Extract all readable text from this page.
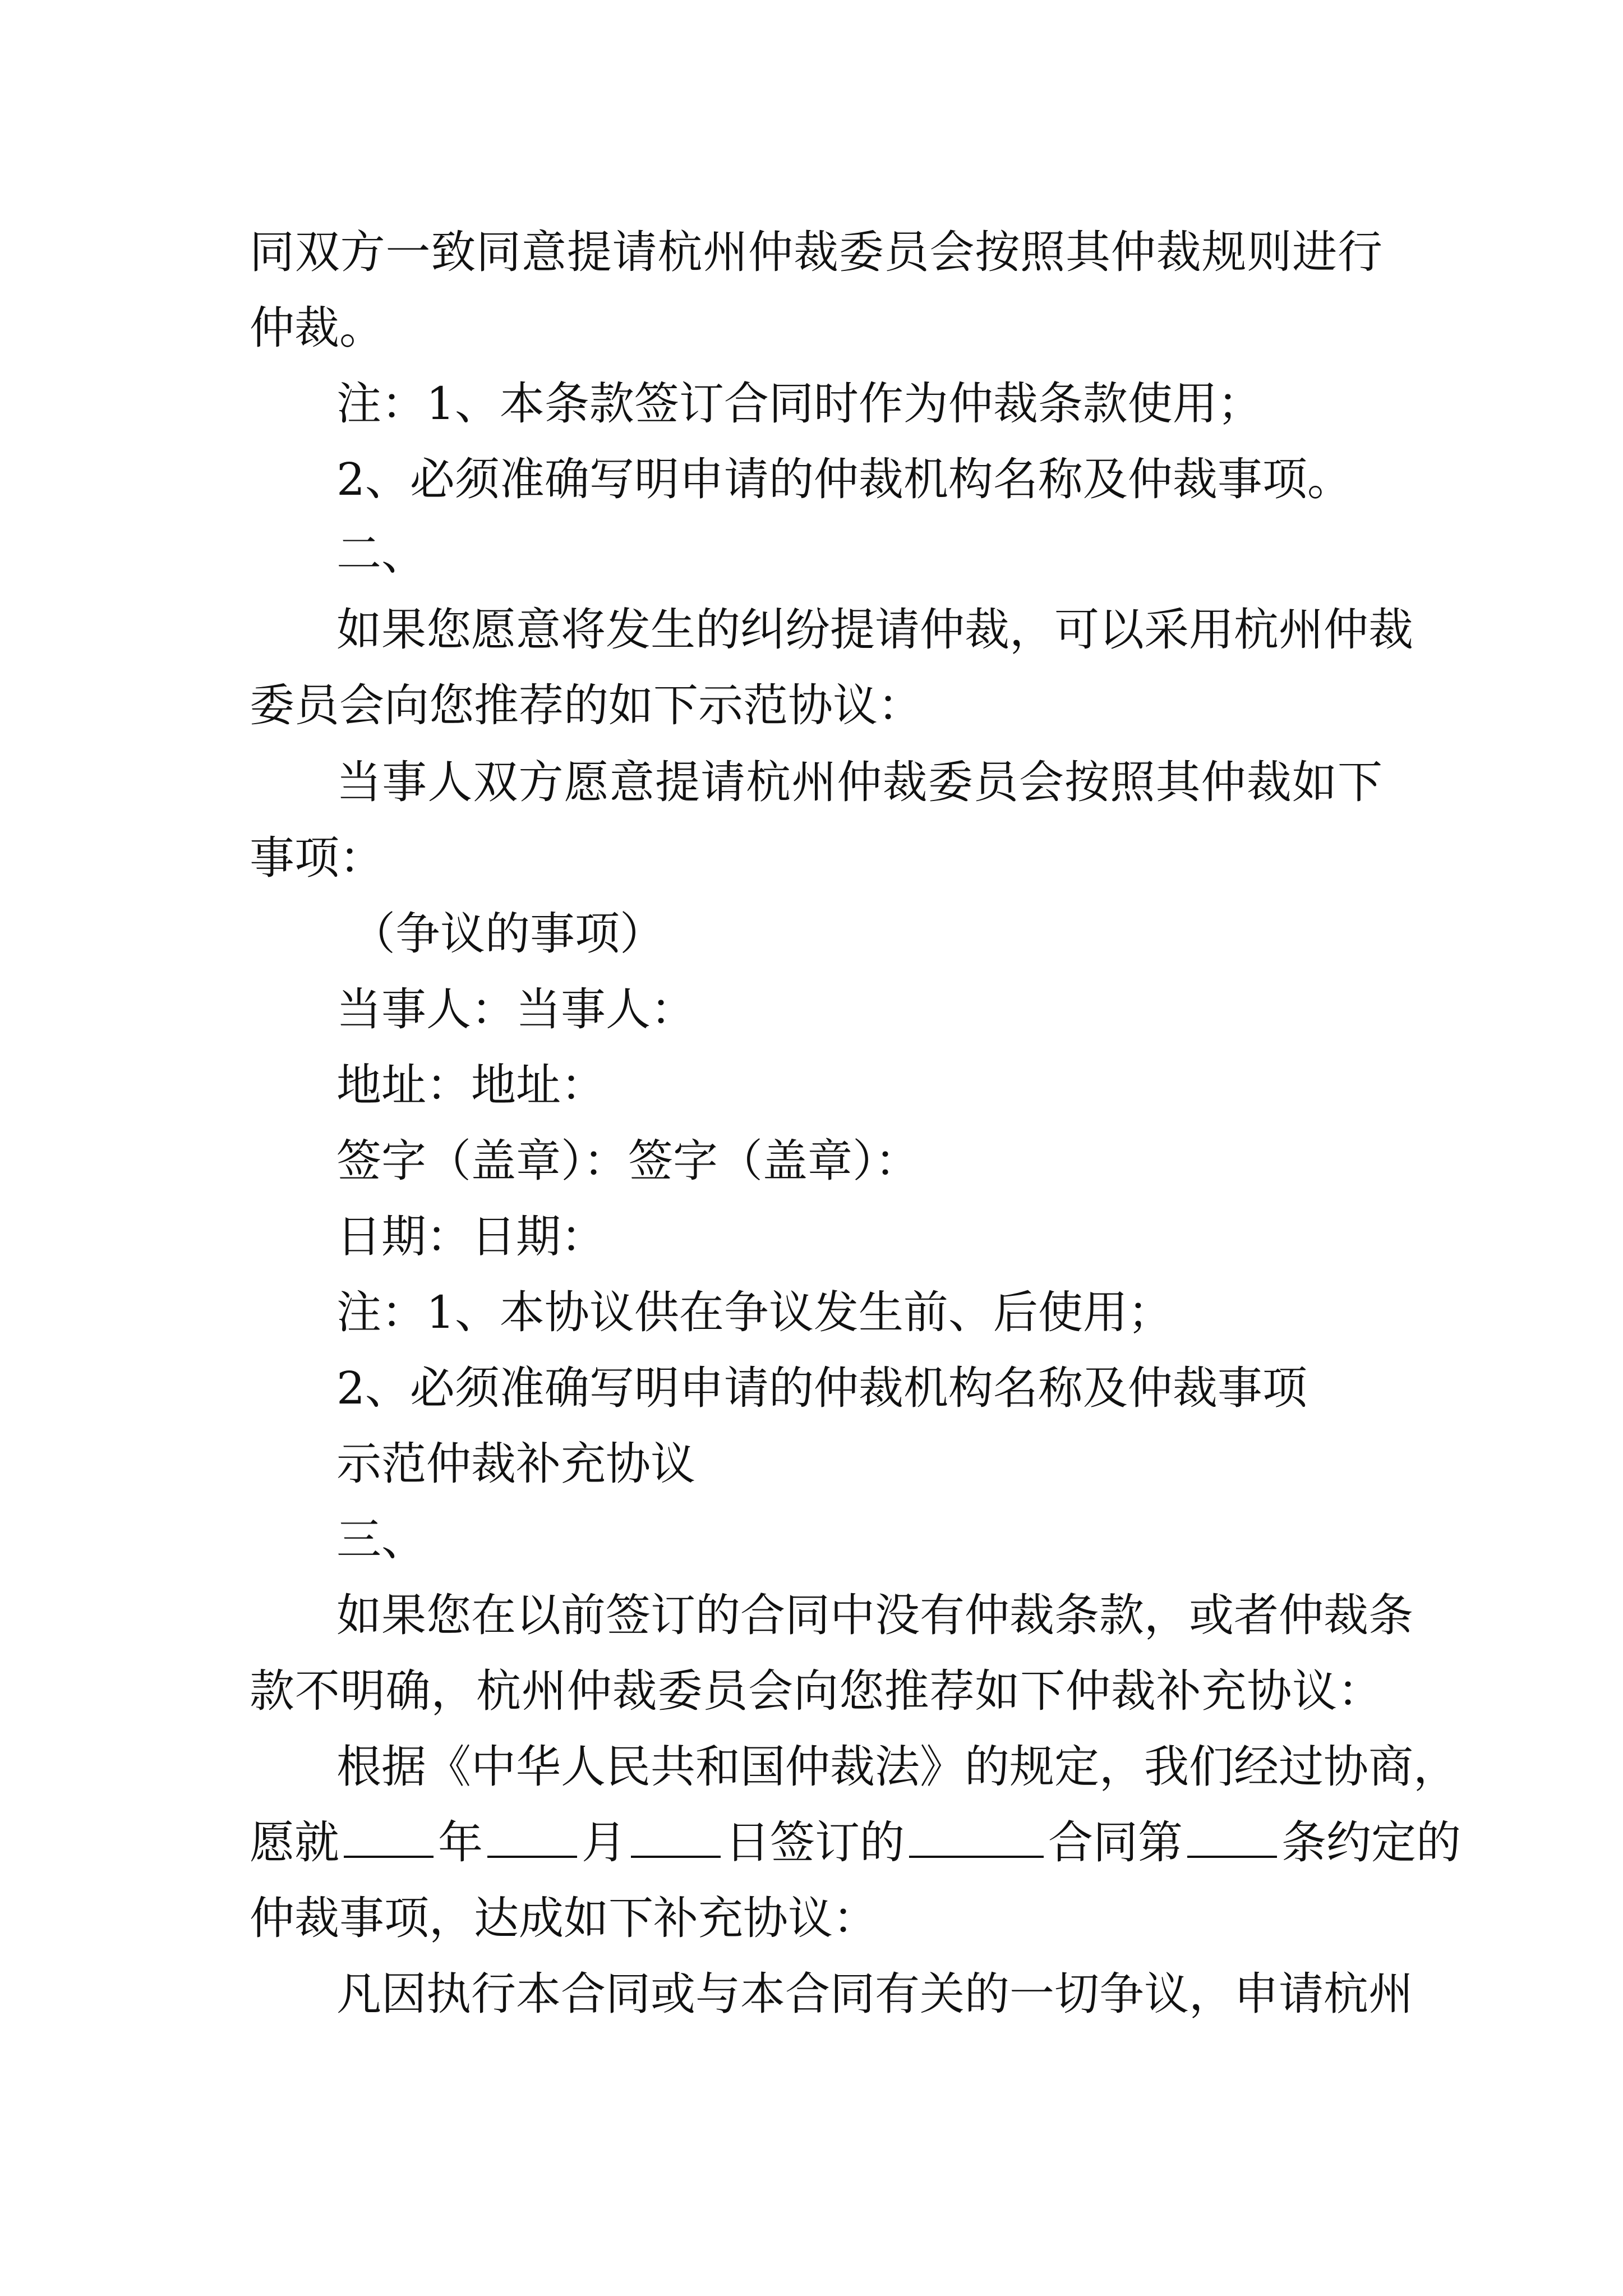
同双方一致同意提请杭州仲裁委员会按照其仲裁规则进行
仲裁。
注：1、本条款签订合同时作为仲裁条款使用；
2、必须准确写明申请的仲裁机构名称及仲裁事项。
二、
如果您愿意将发生的纠纷提请仲裁，可以采用杭州仲裁
委员会向您推荐的如下示范协议：
当事人双方愿意提请杭州仲裁委员会按照其仲裁如下
事项：
（争议的事项）
当事人：当事人：
地址：地址：
签字（盖章）：签字（盖章）：
日期：日期：
注：1、本协议供在争议发生前、后使用；
2、必须准确写明申请的仲裁机构名称及仲裁事项
示范仲裁补充协议
三、
如果您在以前签订的合同中没有仲裁条款，或者仲裁条
款不明确，杭州仲裁委员会向您推荐如下仲裁补充协议：
根据《中华人民共和国仲裁法》的规定，我们经过协商，
愿就 年 月 日签订的	合同第 条约定的
仲裁事项，达成如下补充协议：
凡因执行本合同或与本合同有关的一切争议，申请杭州
